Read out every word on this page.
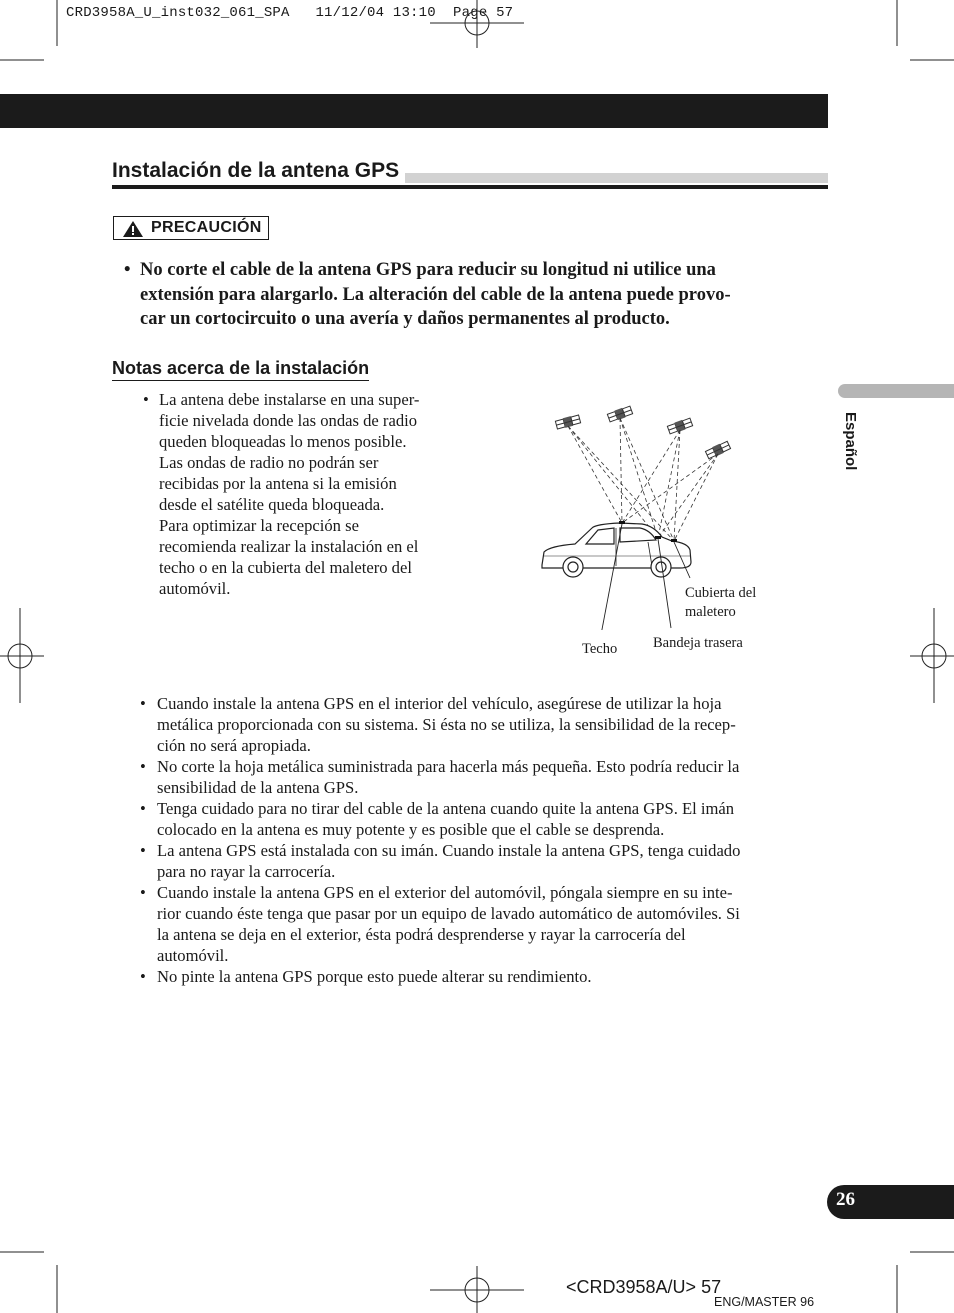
CRD3958A_U_inst032_061_SPA   11/12/04 13:10  Page 57
Instalación de la antena GPS
PRECAUCIÓN
• No corte el cable de la antena GPS para reducir su longitud ni utilice una
extensión para alargarlo. La alteración del cable de la antena puede provo-
car un cortocircuito o una avería y daños permanentes al producto.
Notas acerca de la instalación
• La antena debe instalarse en una super-
ficie nivelada donde las ondas de radio
queden bloqueadas lo menos posible.
Las ondas de radio no podrán ser
recibidas por la antena si la emisión
desde el satélite queda bloqueada.
Para optimizar la recepción se
recomienda realizar la instalación en el
techo o en la cubierta del maletero del
automóvil.	Cubierta del
maletero
Techo Bandeja trasera
• Cuando instale la antena GPS en el interior del vehículo, asegúrese de utilizar la hoja
metálica proporcionada con su sistema. Si ésta no se utiliza, la sensibilidad de la recep-
ción no será apropiada.
• No corte la hoja metálica suministrada para hacerla más pequeña. Esto podría reducir la
sensibilidad de la antena GPS.
• Tenga cuidado para no tirar del cable de la antena cuando quite la antena GPS. El imán
colocado en la antena es muy potente y es posible que el cable se desprenda.
• La antena GPS está instalada con su imán. Cuando instale la antena GPS, tenga cuidado
para no rayar la carrocería.
• Cuando instale la antena GPS en el exterior del automóvil, póngala siempre en su inte-
rior cuando éste tenga que pasar por un equipo de lavado automático de automóviles. Si
la antena se deja en el exterior, ésta podrá desprenderse y rayar la carrocería del
automóvil.
• No pinte la antena GPS porque esto puede alterar su rendimiento.
Español
26
<CRD3958A/U> 57
ENG/MASTER 96
